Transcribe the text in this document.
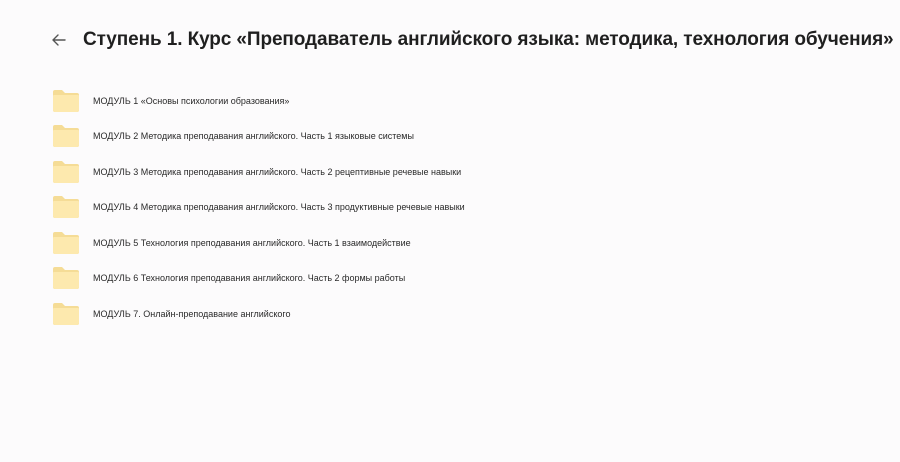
Ступень 1. Курс «Преподаватель английского языка: методика, технология обучения»
МОДУЛЬ 1 «Основы психологии образования»
МОДУЛЬ 2 Методика преподавания английского. Часть 1 языковые системы
МОДУЛЬ 3 Методика преподавания английского. Часть 2 рецептивные речевые навыки
МОДУЛЬ 4 Методика преподавания английского. Часть 3 продуктивные речевые навыки
МОДУЛЬ 5 Технология преподавания английского. Часть 1 взаимодействие
МОДУЛЬ 6 Технология преподавания английского. Часть 2 формы работы
МОДУЛЬ 7. Онлайн-преподавание английского
